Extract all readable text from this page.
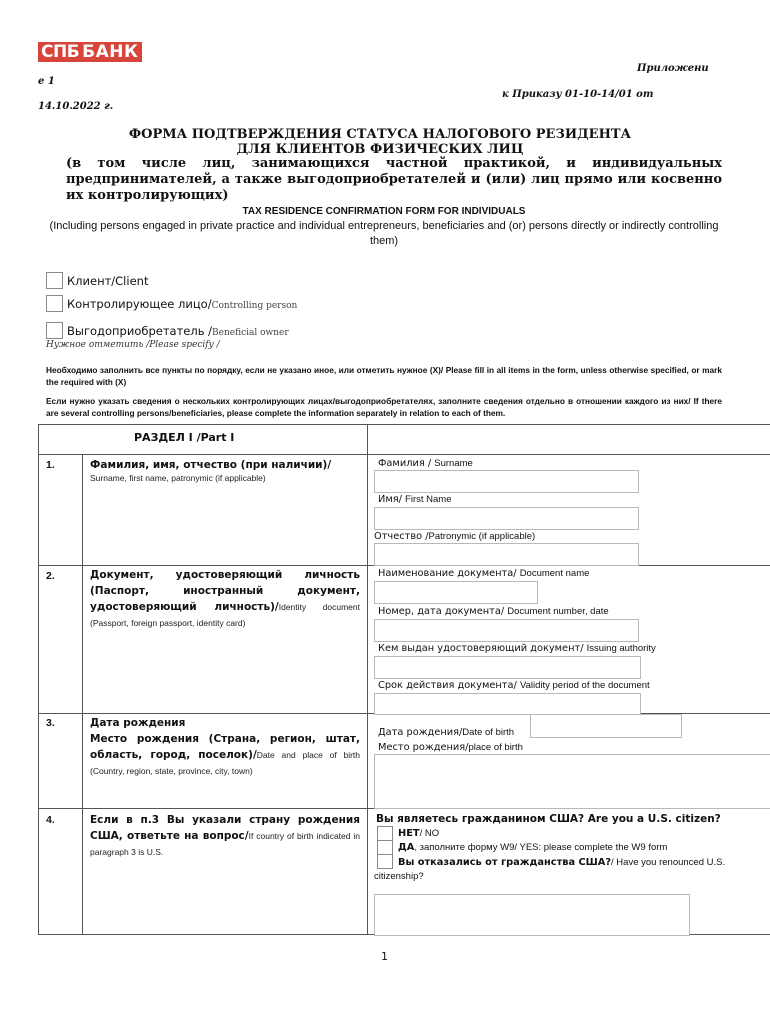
СПБ БАНК
Приложени
е 1
к Приказу 01-10-14/01 от
14.10.2022 г.
ФОРМА ПОДТВЕРЖДЕНИЯ СТАТУСА НАЛОГОВОГО РЕЗИДЕНТА
ДЛЯ КЛИЕНТОВ ФИЗИЧЕСКИХ ЛИЦ
(в том числе лиц, занимающихся частной практикой, и индивидуальных предпринимателей, а также выгодоприобретателей и (или) лиц прямо или косвенно их контролирующих)
TAX RESIDENCE CONFIRMATION FORM FOR INDIVIDUALS
(Including persons engaged in private practice and individual entrepreneurs, beneficiaries and (or) persons directly or indirectly controlling them)
Клиент/Client
Контролирующее лицо/Controlling person
Выгодоприобретатель /Beneficial owner
Нужное отметить /Please specify /
Необходимо заполнить все пункты по порядку, если не указано иное, или отметить нужное (X)/ Please fill in all items in the form, unless otherwise specified, or mark the required with (X)
Если нужно указать сведения о нескольких контролирующих лицах/выгодоприобретателях, заполните сведения отдельно в отношении каждого из них/ If there are several controlling persons/beneficiaries, please complete the information separately in relation to each of them.
РАЗДЕЛ I /Part I
1.	Фамилия, имя, отчество (при наличии)/
Surname, first name, patronymic (if applicable)
Фамилия / Surname
Имя/ First Name
Отчество /Patronymic (if applicable)
2.	Документ, удостоверяющий личность (Паспорт, иностранный документ, удостоверяющий личность)/Identity document (Passport, foreign passport, identity card)
Наименование документа/ Document name
Номер, дата документа/ Document number, date
Кем выдан удостоверяющий документ/ Issuing authority
Срок действия документа/ Validity period of the document
3.	Дата рождения
Место рождения (Страна, регион, штат, область, город, поселок)/Date and place of birth (Country, region, state, province, city, town)
Дата рождения/Date of birth
Место рождения/place of birth
4.	Если в п.3 Вы указали страну рождения США, ответьте на вопрос/If country of birth indicated in paragraph 3 is U.S.
Вы являетесь гражданином США? Are you a U.S. citizen?
НЕТ/ NO
ДА, заполните форму W9/ YES: please complete the W9 form
Вы отказались от гражданства США?/ Have you renounced U.S. citizenship?
1
